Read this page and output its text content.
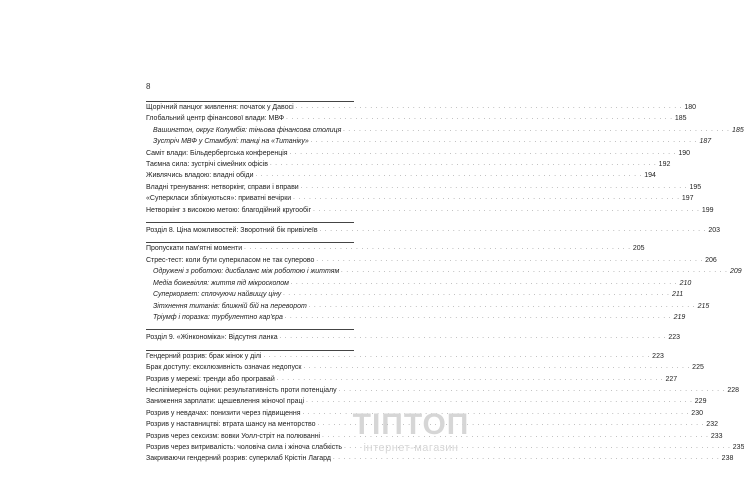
8
Щорічний панцюг живлення: початок у Давосі . . .	180
Глобальний центр фінансової влади: МВФ . . .	185
Вашингтон, округ Колумбія: тіньова фінансова столиця . . .	185
Зустріч МВФ у Стамбулі: танці на «Титаніку» . . .	187
Саміт влади: Більдербергська конференція . . .	190
Таємна сила: зустрічі сімейних офісів . . .	192
Живлячись владою: владні обіди . . .	194
Владні тренування: нетворкінг, справи і вправи . . .	195
«Суперкласи збліжуються»: приватні вечірки . . .	197
Нетворкінг з високою метою: благодійний кругообіг . . .	199
Розділ 8. Ціна можливостей: Зворотний бік привілеїв . . .	203
Пропускати пам'ятні моменти . . .	205
Стрес-тест: коли бути суперкласом не так суперово . . .	206
Одружені з роботою: дисбаланс між роботою і життям . . .	209
Медіа божевілля: життя під мікроскопом . . .	210
Суперкорвет: сплочуючи найвищу ціну . . .	211
Зітхнення титанів: ближній бій на переворот . . .	215
Тріумф і поразка: турбулентно кар'єра . . .	219
Розділ 9. «Жінкономіка»: Відсутня ланка . . .	223
Гендерний розрив: брак жінок у ділі . . .	223
Брак доступу: ексклюзивність означає недопуск . . .	225
Розрив у мережі: тренди або програвай . . .	227
Несліпімерність оцінки: результативність проти потенціалу . . .	228
Заниження зарплати: щешевлення жіночої праці . . .	229
Розрив у невдачах: понизити через підвищення . . .	230
Розрив у наставництві: втрата шансу на менторство . . .	232
Розрив через сексизм: вовки Уолл-стріт на полюванні . . .	233
Розрив через витривалість: чоловіча сила і жіноча слабкість . . .	235
Закриваючи гендерний розрив: суперклаб Крістін Лагард . . .	238
ТІПТОП
інтернет-магазин
